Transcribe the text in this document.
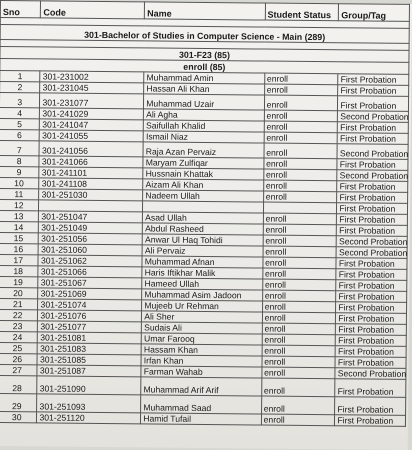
Sno	Code	Name	Student Status	Group/Tag

301-Bachelor of Studies in Computer Science - Main (289)				

301-F23 (85)				
enroll (85)				
1	301-231002	Muhammad Amin	enroll	First Probation
2	301-231045	Hassan Ali Khan	enroll	First Probation
3	301-231077	Muhammad Uzair	enroll	First Probation
4	301-241029	Ali Agha	enroll	Second Probation
5	301-241047	Saifullah Khalid	enroll	First Probation
6	301-241055	Ismail Niaz	enroll	First Probation
7	301-241056	Raja Azan Pervaiz	enroll	Second Probation
8	301-241066	Maryam Zulfiqar	enroll	First Probation
9	301-241101	Hussnain Khattak	enroll	Second Probation
10	301-241108	Aizam Ali Khan	enroll	First Probation
11	301-251030	Nadeem Ullah	enroll	First Probation
12				First Probation
13	301-251047	Asad Ullah	enroll	First Probation
14	301-251049	Abdul Rasheed	enroll	First Probation
15	301-251056	Anwar Ul Haq Tohidi	enroll	Second Probation
16	301-251060	Ali Pervaiz	enroll	Second Probation
17	301-251062	Muhammad Afnan	enroll	First Probation
18	301-251066	Haris Iftikhar Malik	enroll	First Probation
19	301-251067	Hameed Ullah	enroll	First Probation
20	301-251069	Muhammad Asim Jadoon	enroll	First Probation
21	301-251074	Mujeeb Ur Rehman	enroll	First Probation
22	301-251076	Ali Sher	enroll	First Probation
23	301-251077	Sudais Ali	enroll	First Probation
24	301-251081	Umar Farooq	enroll	First Probation
25	301-251083	Hassam Khan	enroll	First Probation
26	301-251085	Irfan Khan	enroll	First Probation
27	301-251087	Farman Wahab	enroll	Second Probation
28	301-251090	Muhammad Arif Arif	enroll	First Probation
29	301-251093	Muhammad Saad	enroll	First Probation
30	301-251120	Hamid Tufail	enroll	First Probation
